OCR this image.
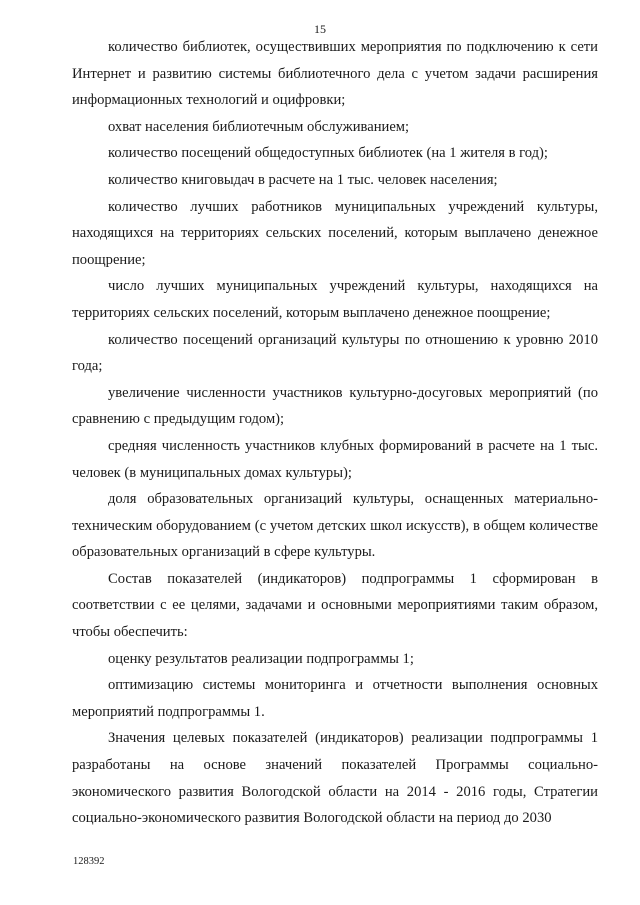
15

количество библиотек, осуществивших мероприятия по подключению к сети Интернет и развитию системы библиотечного дела с учетом задачи расширения информационных технологий и оцифровки;

охват населения библиотечным обслуживанием;

количество посещений общедоступных библиотек (на 1 жителя в год);

количество книговыдач в расчете на 1 тыс. человек населения;

количество лучших работников муниципальных учреждений культуры, находящихся на территориях сельских поселений, которым выплачено денежное поощрение;

число лучших муниципальных учреждений культуры, находящихся на территориях сельских поселений, которым выплачено денежное поощрение;

количество посещений организаций культуры по отношению к уровню 2010 года;

увеличение численности участников культурно-досуговых мероприятий (по сравнению с предыдущим годом);

средняя численность участников клубных формирований в расчете на 1 тыс. человек (в муниципальных домах культуры);

доля образовательных организаций культуры, оснащенных материально-техническим оборудованием (с учетом детских школ искусств), в общем количестве образовательных организаций в сфере культуры.

Состав показателей (индикаторов) подпрограммы 1 сформирован в соответствии с ее целями, задачами и основными мероприятиями таким образом, чтобы обеспечить:

оценку результатов реализации подпрограммы 1;

оптимизацию системы мониторинга и отчетности выполнения основных мероприятий подпрограммы 1.

Значения целевых показателей (индикаторов) реализации подпрограммы 1 разработаны на основе значений показателей Программы социально-экономического развития Вологодской области на 2014 - 2016 годы, Стратегии социально-экономического развития Вологодской области на период до 2030

128392
